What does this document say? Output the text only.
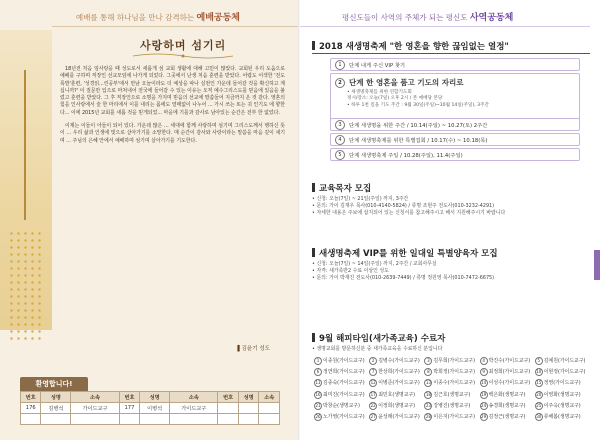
예배를 통해 하나님을 만나 감격하는 예배공동체
사랑하며 섬기리

18년전 처음 임사랑을 때 성도로서 새롭게 섬 교회 생활에 대해 고민이 많았다. 교회된 우리 도움으로 예배를 구하며 직장인 선교모임에 나가게 되었다. 그곳에서 난생 처음 훈련을 받았다. 어렵도 어색한 '전도폭발'훈련, '성경읽...린공부'에서 만남 오늘이라도 더 예상을 따나 실천인 가운데 들어갈 것을 확신하고 계십니까?' 이 질문만 입으로 마쳐내어 전국에 들어갈 수 있는 이유는 오직 예수그리스도를 믿음에 있음을 불렀고 훈련을 받았다. 그 후 직장인으로 소명을 가지며 믿음의 선교에 말씀들어 지금까지 온 것 같다. 영혼의 힘을 인사랑에서 술 한 마리에서 이를 내리는 몸에도 열매없이 나누어 ... 가시 쓰는 또는 귀 인기도 에 향한다... 이에 2015년 교회를 새롭 것을 믿게되었... 마을에 기를과 감사로 남아있는 순간은 전부 한 없었다.

이제는 이들이 아들이 되어 있다. 가운데 많은 ... 세대에 함께 사랑하며 섬기며 그리스도께서 행하신 뜻이 ... 우리 삶과 인생에 빛으로 살아가기를 소망한다. 매 순간이 감사와 사랑이라는 말씀을 마음 깊이 새기며 ... 주님의 은혜 안에서 예배하며 섬기며 살아가기를 기도한다.

▌김윤기 성도
환영합니다!
번호	성명	소속	번호	성명	소속	번호	성명	소속
176	김병석	가이드교구	177	이병석	가이드교구			

평신도들이 사역의 주체가 되는 평신도 사역공동체
2018 새생명축제 "한 영혼을 향한 끊임없는 열정"
1	단계 내게 주신 VIP 찾기
2 단계 한 영혼을 품고 기도의 자리로
• 새생명축제를 위한 연합기도회
정시/장소: 오늘(7일) 오후 2시 / 본 예배당 본당
• 하루 1천 킬을 기도 주간 : 9월 30일(주일)~10월 14일(주일), 3주간
3	단계 새생명을 위한 주간 / 10.14(주일) ~ 10.27(토) 2주간
4	단계 새생명축제를 위한 특별집회 / 10.17(수) ~ 10.18(목)
5	단계 새생명축제 주일 / 10.28(주일), 11.4(주일)
교육목자 모집
• 신청: 오늘(7일) ~ 21일(주일) 까지, 3주간
• 문의: 가이 김재우 목사(010-4140-5824) / 류명 조현주 전도사(010-3232-4291)
• 자세한 내용은 주보에 삽지되어 있는 신청서를 참고해주시고 해서 지원해주시기 바랍니다
새생명축제 VIP를 위한 일대일 특별양육자 모집
• 신청: 오늘(7일) ~ 14일(주일) 까지, 2주간 / 교회사무실
• 자격: 새가족반2 수료 이상인 성도
• 문의: 가이 박재진 전도사(010-2639-7449) / 류명 정원영 목사(010-7472-6675)
9월 해피타임(새가족교육) 수료자
• 생명교회를 방문하신분 중 새가족교육을 수료하신 분입니다
1 이종원(가이드교구)	2 김병수(가이드교구)	3 김무희(가이드교구)	4 박진수(가이드교구)	5 김예원(가이드교구)
6 정연희(가이드교구)	7 한상희(가이드교구)	8 박희정(가이드교구)	9 최정희(가이드교구)	10 이현정(가이드교구)
11 김종숙(가이드교구)	12 이병준(가이드교구)	13 이종수(가이드교구)	14 이성수(가이드교구)	15 정영(가이드교구)
16 최미진(가이드교구)	17 최민호(생명교구)	18 김근호(생명교구)	19 백은화(생명교구)	20 이영화(생명교구)
21 박창순(생명교구)	22 이정희(생명교구)	23 강병진(생명교구)	24 송경희(생명교구)	25 이주옥(생명교구)
26 노가영(가이드교구)	27 윤성래(가이드교구)	28 이은지(가이드교구)	29 김정근(생명교구)	30 류해봄(생명교구)
